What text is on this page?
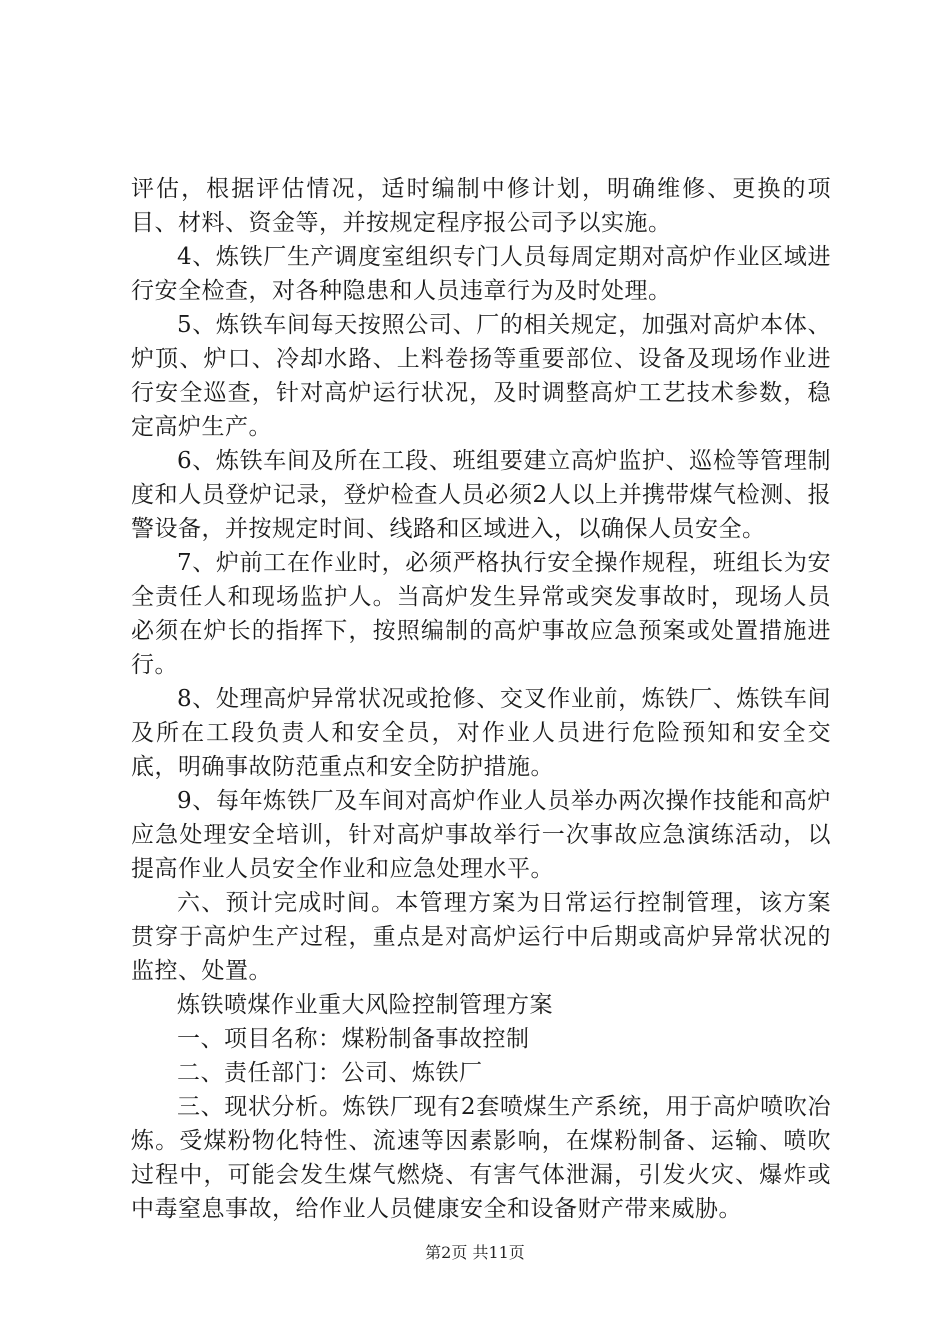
评估，根据评估情况，适时编制中修计划，明确维修、更换的项目、材料、资金等，并按规定程序报公司予以实施。

4、炼铁厂生产调度室组织专门人员每周定期对高炉作业区域进行安全检查，对各种隐患和人员违章行为及时处理。

5、炼铁车间每天按照公司、厂的相关规定，加强对高炉本体、炉顶、炉口、冷却水路、上料卷扬等重要部位、设备及现场作业进行安全巡查，针对高炉运行状况，及时调整高炉工艺技术参数，稳定高炉生产。

6、炼铁车间及所在工段、班组要建立高炉监护、巡检等管理制度和人员登炉记录，登炉检查人员必须2人以上并携带煤气检测、报警设备，并按规定时间、线路和区域进入，以确保人员安全。

7、炉前工在作业时，必须严格执行安全操作规程，班组长为安全责任人和现场监护人。当高炉发生异常或突发事故时，现场人员必须在炉长的指挥下，按照编制的高炉事故应急预案或处置措施进行。

8、处理高炉异常状况或抢修、交叉作业前，炼铁厂、炼铁车间及所在工段负责人和安全员，对作业人员进行危险预知和安全交底，明确事故防范重点和安全防护措施。

9、每年炼铁厂及车间对高炉作业人员举办两次操作技能和高炉应急处理安全培训，针对高炉事故举行一次事故应急演练活动，以提高作业人员安全作业和应急处理水平。

六、预计完成时间。本管理方案为日常运行控制管理，该方案贯穿于高炉生产过程，重点是对高炉运行中后期或高炉异常状况的监控、处置。

炼铁喷煤作业重大风险控制管理方案

一、项目名称：煤粉制备事故控制

二、责任部门：公司、炼铁厂

三、现状分析。炼铁厂现有2套喷煤生产系统，用于高炉喷吹冶炼。受煤粉物化特性、流速等因素影响，在煤粉制备、运输、喷吹过程中，可能会发生煤气燃烧、有害气体泄漏，引发火灾、爆炸或中毒窒息事故，给作业人员健康安全和设备财产带来威胁。

第2页 共11页
